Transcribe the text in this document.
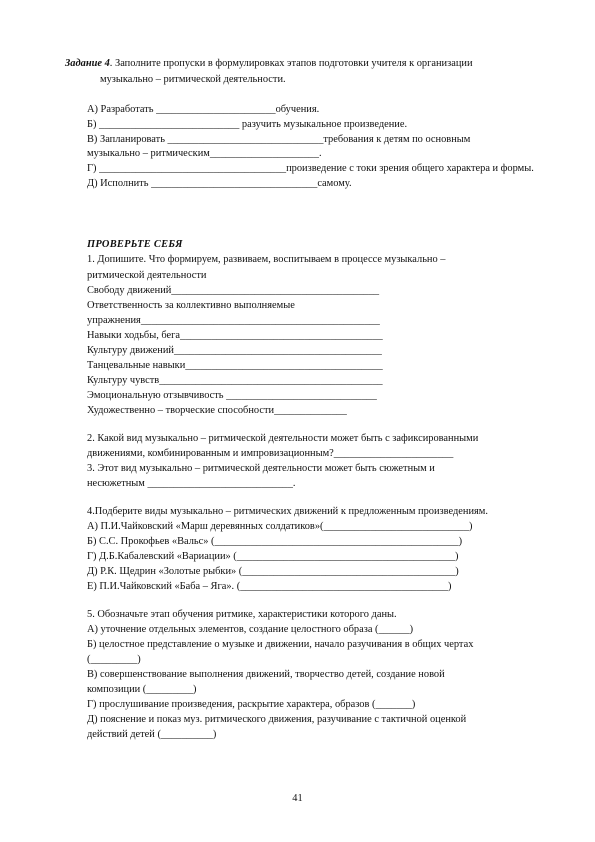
Задание 4. Заполните пропуски в формулировках этапов подготовки учителя к организации
музыкально – ритмической деятельности.
А) Разработать _______________________обучения.
Б) ___________________________ разучить музыкальное произведение.
В) Запланировать ______________________________требования к детям по основным
музыкально – ритмическим_____________________.
Г) ____________________________________произведение с токи зрения общего характера и формы.
Д) Исполнить ________________________________самому.
ПРОВЕРЬТЕ СЕБЯ
1. Допишите. Что формируем, развиваем, воспитываем в процессе музыкально –
ритмической деятельности
Свободу движений________________________________________
Ответственность за коллективно выполняемые
упражнения______________________________________________
Навыки ходьбы, бега_______________________________________
Культуру движений________________________________________
Танцевальные навыки______________________________________
Культуру чувств___________________________________________
Эмоциональную отзывчивость _____________________________
Художественно – творческие способности______________
2. Какой вид музыкально – ритмической деятельности может быть с зафиксированными
движениями, комбинированным и импровизационным?_______________________
3. Этот вид музыкально – ритмической деятельности может быть сюжетным и
несюжетным ____________________________.
4.Подберите виды музыкально – ритмических движений к предложенным произведениям.
А) П.И.Чайковский «Марш деревянных солдатиков»(____________________________)
Б) С.С. Прокофьев «Вальс» (_______________________________________________)
Г) Д.Б.Кабалевский «Вариации» (__________________________________________)
Д) Р.К. Щедрин «Золотые рыбки» (_________________________________________)
Е) П.И.Чайковский «Баба – Яга». (________________________________________)
5. Обозначьте этап обучения ритмике, характеристики которого даны.
А) уточнение отдельных элементов, создание целостного образа (______)
Б) целостное представление о музыке и движении, начало разучивания в общих чертах
(_________)
В) совершенствование выполнения движений, творчество детей, создание новой
композиции (_________)
Г) прослушивание произведения, раскрытие характера, образов (_______)
Д) пояснение и показ муз. ритмического движения, разучивание с тактичной оценкой
действий детей (__________)
41
